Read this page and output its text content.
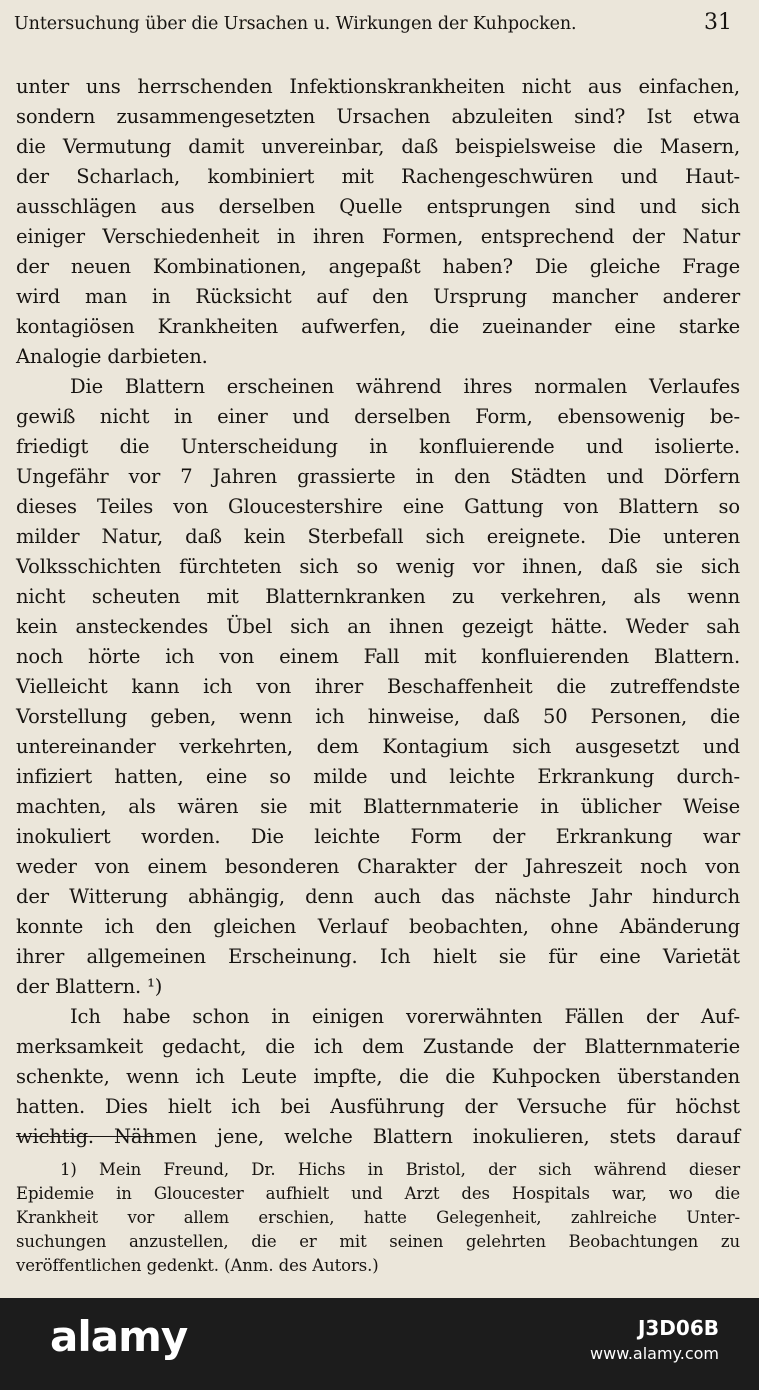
Untersuchung über die Ursachen u. Wirkungen der Kuhpocken.	31
unter uns herrschenden Infektionskrankheiten nicht aus einfachen,
sondern zusammengesetzten Ursachen abzuleiten sind? Ist etwa
die Vermutung damit unvereinbar, daß beispielsweise die Masern,
der Scharlach, kombiniert mit Rachengeschwüren und Haut-
ausschlägen aus derselben Quelle entsprungen sind und sich
einiger Verschiedenheit in ihren Formen, entsprechend der Natur
der neuen Kombinationen, angepaßt haben? Die gleiche Frage
wird man in Rücksicht auf den Ursprung mancher anderer
kontagiösen Krankheiten aufwerfen, die zueinander eine starke
Analogie darbieten.
Die Blattern erscheinen während ihres normalen Verlaufes
gewiß nicht in einer und derselben Form, ebensowenig be-
friedigt die Unterscheidung in konfluierende und isolierte.
Ungefähr vor 7 Jahren grassierte in den Städten und Dörfern
dieses Teiles von Gloucestershire eine Gattung von Blattern so
milder Natur, daß kein Sterbefall sich ereignete. Die unteren
Volksschichten fürchteten sich so wenig vor ihnen, daß sie sich
nicht scheuten mit Blatternkranken zu verkehren, als wenn
kein ansteckendes Übel sich an ihnen gezeigt hätte. Weder sah
noch hörte ich von einem Fall mit konfluierenden Blattern.
Vielleicht kann ich von ihrer Beschaffenheit die zutreffendste
Vorstellung geben, wenn ich hinweise, daß 50 Personen, die
untereinander verkehrten, dem Kontagium sich ausgesetzt und
infiziert hatten, eine so milde und leichte Erkrankung durch-
machten, als wären sie mit Blatternmaterie in üblicher Weise
inokuliert worden. Die leichte Form der Erkrankung war
weder von einem besonderen Charakter der Jahreszeit noch von
der Witterung abhängig, denn auch das nächste Jahr hindurch
konnte ich den gleichen Verlauf beobachten, ohne Abänderung
ihrer allgemeinen Erscheinung. Ich hielt sie für eine Varietät
der Blattern. ¹)
Ich habe schon in einigen vorerwähnten Fällen der Auf-
merksamkeit gedacht, die ich dem Zustande der Blatternmaterie
schenkte, wenn ich Leute impfte, die die Kuhpocken überstanden
hatten. Dies hielt ich bei Ausführung der Versuche für höchst
wichtig. Nähmen jene, welche Blattern inokulieren, stets darauf
1) Mein Freund, Dr. Hichs in Bristol, der sich während dieser
Epidemie in Gloucester aufhielt und Arzt des Hospitals war, wo die
Krankheit vor allem erschien, hatte Gelegenheit, zahlreiche Unter-
suchungen anzustellen, die er mit seinen gelehrten Beobachtungen zu
veröffentlichen gedenkt. (Anm. des Autors.)
alamy	J3D06B
www.alamy.com
